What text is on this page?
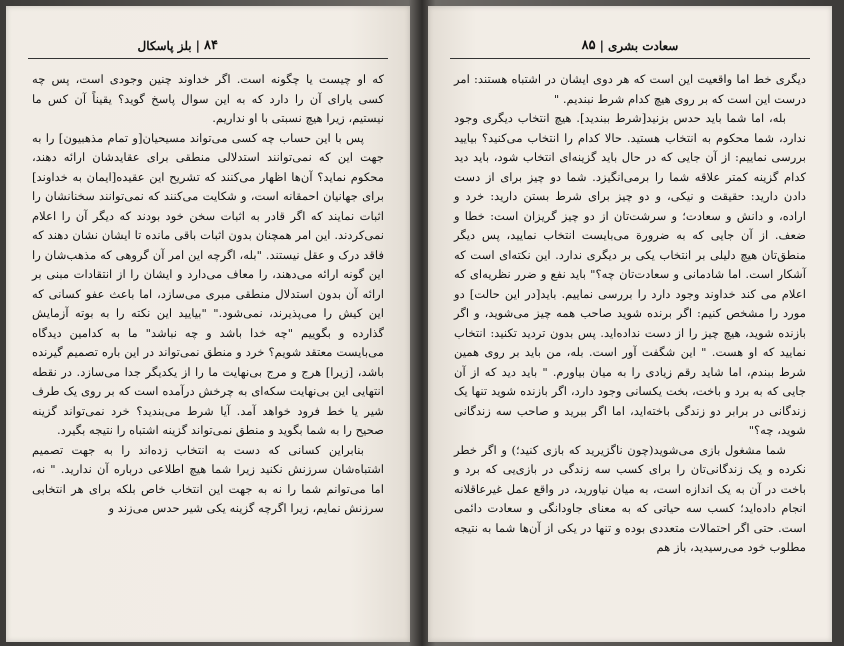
۸۴
|
بلز پاسکال

که او چیست یا چگونه است. اگر خداوند چنین وجودی است، پس چه کسی یارای آن را دارد که به این سوال پاسخ گوید؟ یقیناً آن کس ما نیستیم، زیرا هیچ نسبتی با او نداریم.

پس با این حساب چه کسی می‌تواند مسیحیان[و تمام مذهبیون] را به جهت این که نمی‌توانند استدلالی منطقی برای عقایدشان ارائه دهند، محکوم نماید؟ آن‌ها اظهار می‌کنند که تشریح این عقیده[ایمان به خداوند] برای جهانیان احمقانه است، و شکایت می‌کنند که نمی‌توانند سخنانشان را اثبات نمایند که اگر قادر به اثبات سخن خود بودند که دیگر آن را اعلام نمی‌کردند. این امر همچنان بدون اثبات باقی مانده تا ایشان نشان دهند که فاقد درک و عقل نیستند. "بله، اگرچه این امر آن گروهی که مذهب‌شان را این گونه ارائه می‌دهند، را معاف می‌دارد و ایشان را از انتقادات مبنی بر ارائه آن بدون استدلال منطقی مبری می‌سازد، اما باعث عفو کسانی که این کیش را می‌پذیرند، نمی‌شود." "بیایید این نکته را به بوته آزمایش گذارده و بگوییم "چه خدا باشد و چه نباشد" ما به کدامین دیدگاه می‌بایست معتقد شویم؟ خرد و منطق نمی‌تواند در این باره تصمیم گیرنده باشد، [زیرا] هرج و مرج بی‌نهایت ما را از یکدیگر جدا می‌سازد. در نقطه انتهایی این بی‌نهایت سکه‌ای به چرخش درآمده است که بر روی یک طرف شیر یا خط فرود خواهد آمد. آیا شرط می‌بندید؟ خرد نمی‌تواند گزینه صحیح را به شما بگوید و منطق نمی‌تواند گزینه اشتباه را نتیجه بگیرد.

بنابراین کسانی که دست به انتخاب زده‌اند را به جهت تصمیم اشتباه‌شان سرزنش نکنید زیرا شما هیچ اطلاعی درباره آن ندارید. " نه، اما می‌توانم شما را نه به جهت این انتخاب خاص بلکه برای هر انتخابی سرزنش نمایم، زیرا اگرچه گزینه یکی شیر حدس می‌زند و

سعادت بشری
|
۸۵

دیگری خط اما واقعیت این است که هر دوی ایشان در اشتباه هستند: امر درست این است که بر روی هیچ کدام شرط نبندیم. "

بله، اما شما باید حدس بزنید[شرط ببندید]. هیچ انتخاب دیگری وجود ندارد، شما محکوم به انتخاب هستید. حالا کدام را انتخاب می‌کنید؟ بیایید بررسی نماییم: از آن جایی که در حال باید گزینه‌ای انتخاب شود، باید دید کدام گزینه کمتر علاقه شما را برمی‌انگیزد. شما دو چیز برای از دست دادن دارید: حقیقت و نیکی، و دو چیز برای شرط بستن دارید: خرد و اراده، و دانش و سعادت؛ و سرشت‌تان از دو چیز گریزان است: خطا و ضعف. از آن جایی که به ضرورة می‌بایست انتخاب نمایید، پس دیگر منطق‌تان هیچ دلیلی بر انتخاب یکی بر دیگری ندارد. این نکته‌ای است که آشکار است. اما شادمانی و سعادت‌تان چه؟" باید نفع و ضرر نظریه‌ای که اعلام می کند خداوند وجود دارد را بررسی نماییم. باید[در این حالت] دو مورد را مشخص کنیم: اگر برنده شوید صاحب همه چیز می‌شوید، و اگر بازنده شوید، هیچ چیز را از دست نداده‌اید. پس بدون تردید تکنید: انتخاب نمایید که او هست. " این شگفت آور است. بله، من باید بر روی همین شرط ببندم، اما شاید رقم زیادی را به میان بیاورم. " باید دید که از آن جایی که به برد و باخت، بخت یکسانی وجود دارد، اگر بازنده شوید تنها یک زندگانی در برابر دو زندگی باخته‌اید، اما اگر ببرید و صاحب سه زندگانی شوید، چه؟"

شما مشغول بازی می‌شوید(چون ناگزیرید که بازی کنید؛) و اگر خطر نکرده و یک زندگانی‌تان را برای کسب سه زندگی در بازی‌یی که برد و باخت در آن به یک اندازه است، به میان نیاورید، در واقع عمل غیرعاقلانه انجام داده‌اید؛ کسب سه حیاتی که به معنای جاودانگی و سعادت دائمی است. حتی اگر احتمالات متعددی بوده و تنها در یکی از آن‌ها شما به نتیجه مطلوب خود می‌رسیدید، باز هم
